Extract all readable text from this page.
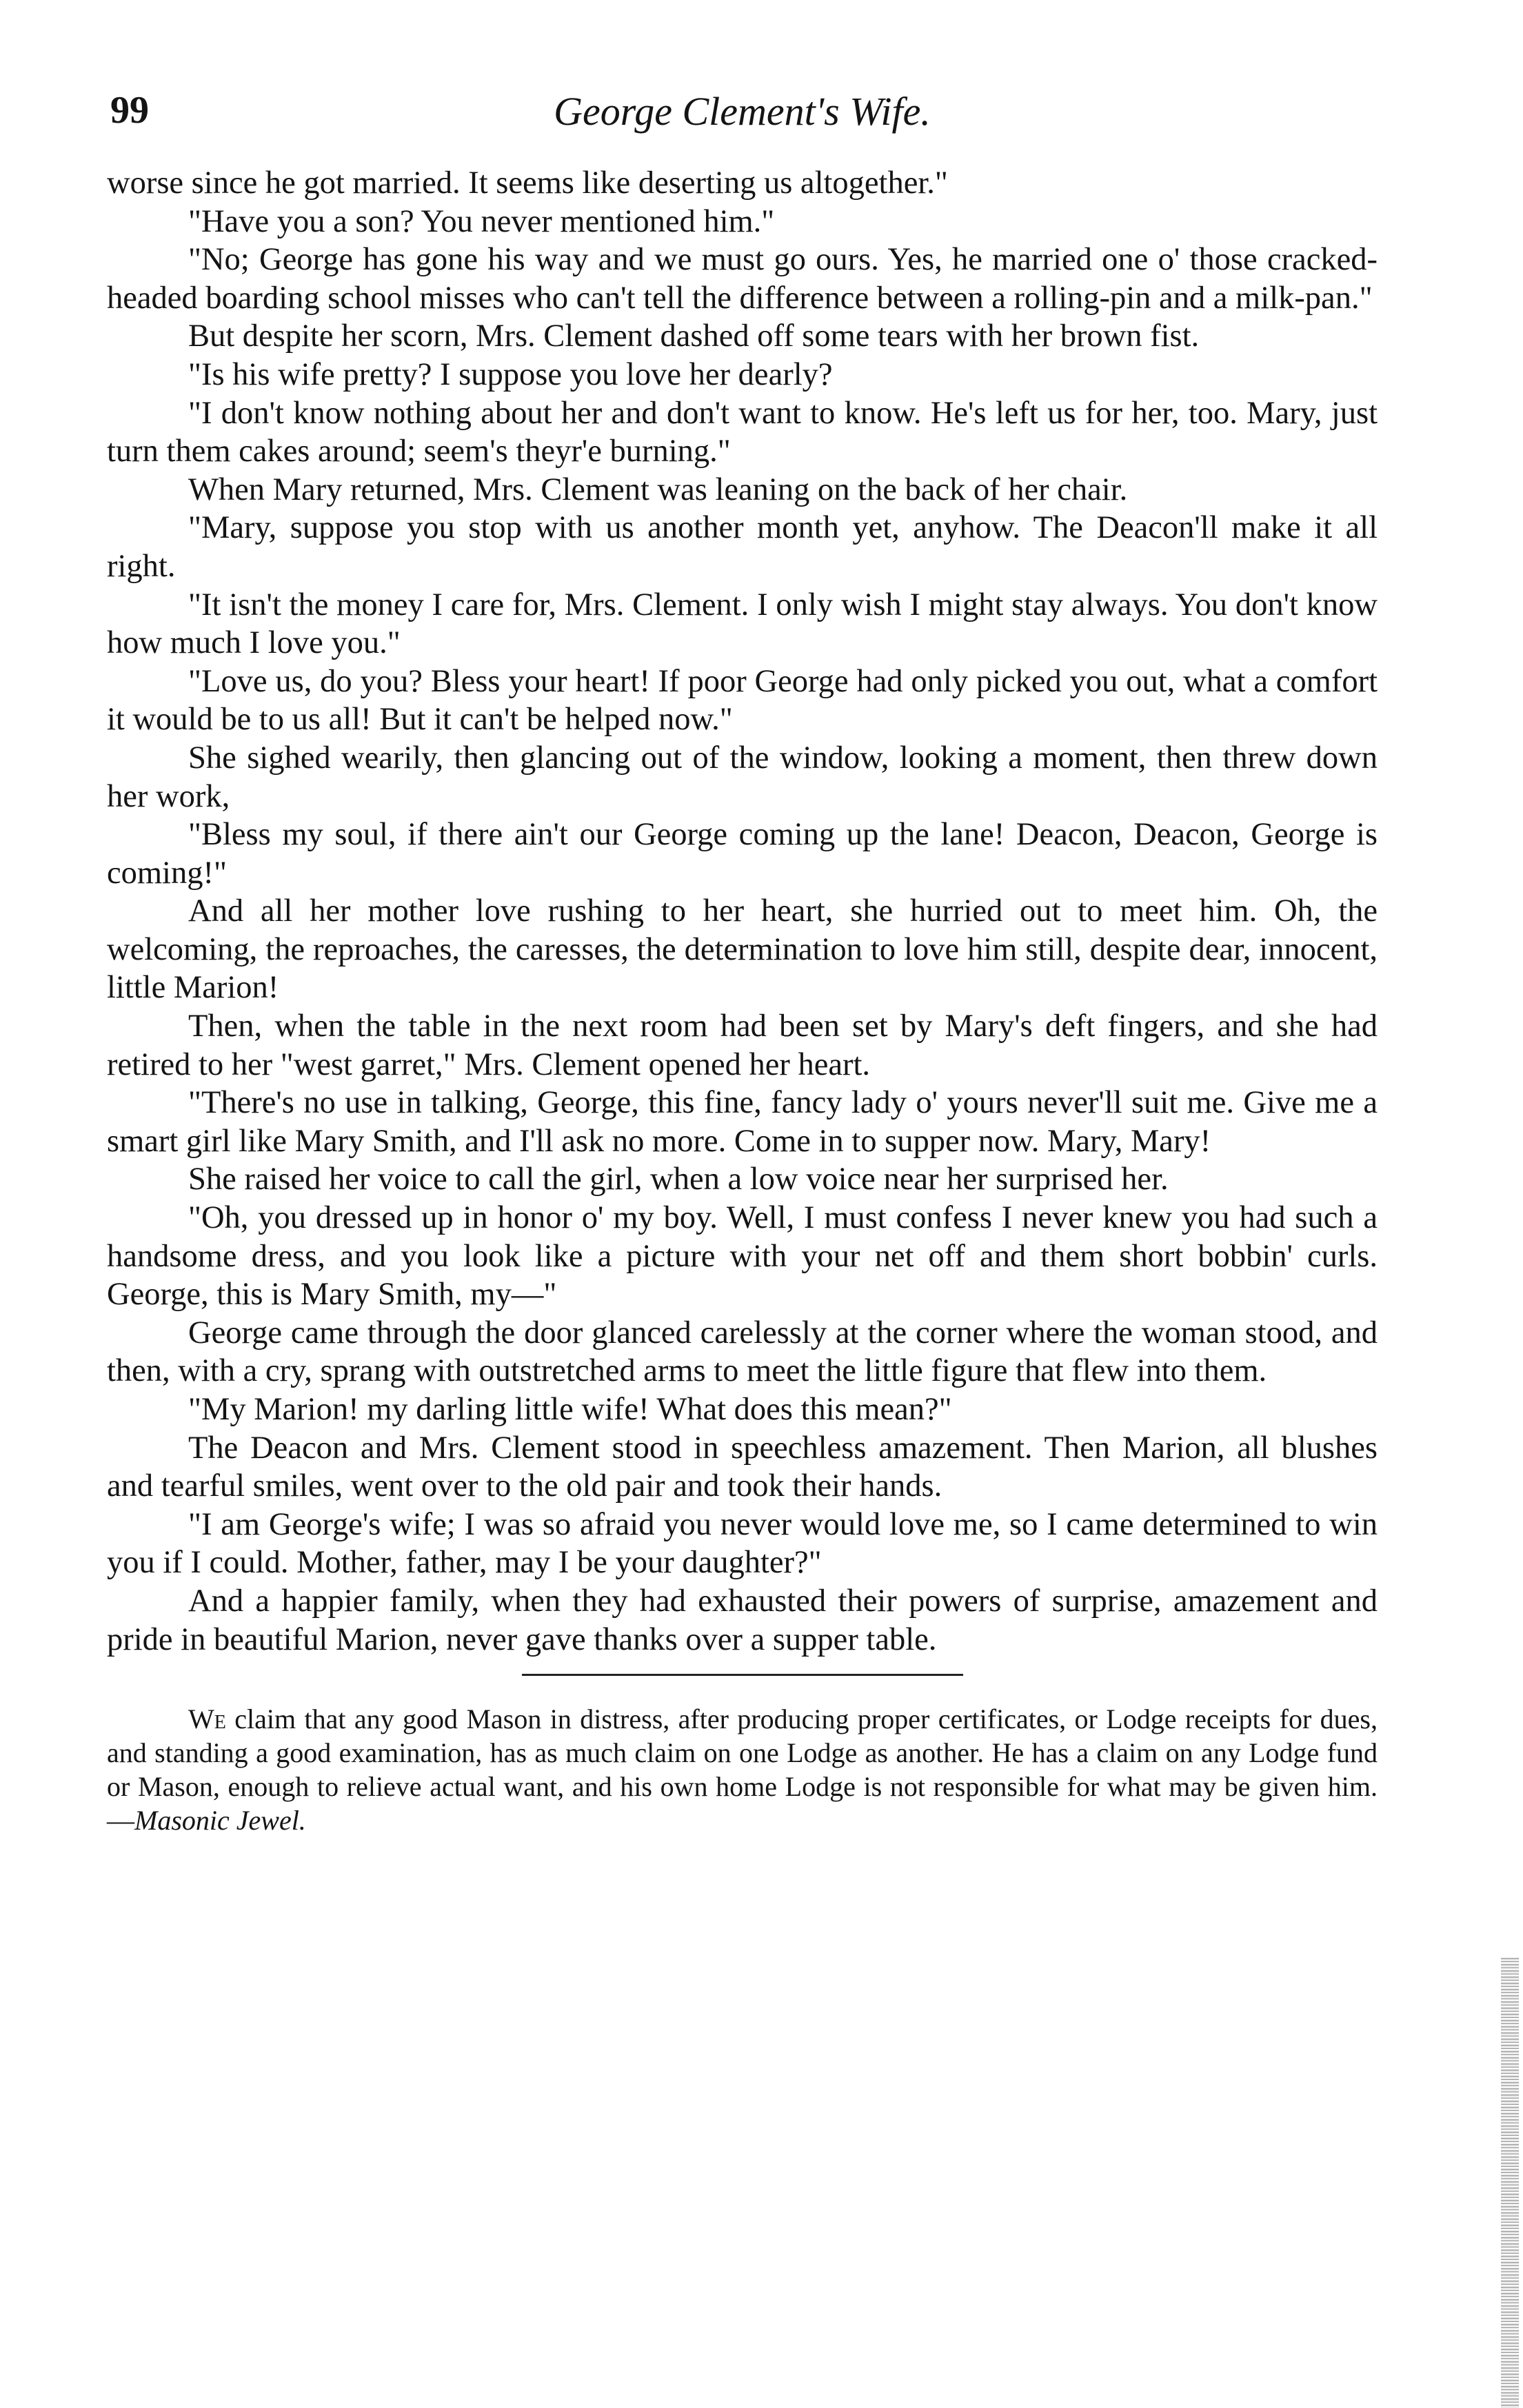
99	George Clement's Wife.

worse since he got married. It seems like deserting us altogether."

"Have you a son? You never mentioned him."

"No; George has gone his way and we must go ours. Yes, he married one o' those cracked-headed boarding school misses who can't tell the difference between a rolling-pin and a milk-pan."

But despite her scorn, Mrs. Clement dashed off some tears with her brown fist.

"Is his wife pretty? I suppose you love her dearly?

"I don't know nothing about her and don't want to know. He's left us for her, too. Mary, just turn them cakes around; seem's theyr'e burning."

When Mary returned, Mrs. Clement was leaning on the back of her chair.

"Mary, suppose you stop with us another month yet, anyhow. The Deacon'll make it all right.

"It isn't the money I care for, Mrs. Clement. I only wish I might stay always. You don't know how much I love you."

"Love us, do you? Bless your heart! If poor George had only picked you out, what a comfort it would be to us all! But it can't be helped now."

She sighed wearily, then glancing out of the window, looking a moment, then threw down her work,

"Bless my soul, if there ain't our George coming up the lane! Deacon, Deacon, George is coming!"

And all her mother love rushing to her heart, she hurried out to meet him. Oh, the welcoming, the reproaches, the caresses, the determination to love him still, despite dear, innocent, little Marion!

Then, when the table in the next room had been set by Mary's deft fingers, and she had retired to her "west garret," Mrs. Clement opened her heart.

"There's no use in talking, George, this fine, fancy lady o' yours never'll suit me. Give me a smart girl like Mary Smith, and I'll ask no more. Come in to supper now. Mary, Mary!

She raised her voice to call the girl, when a low voice near her surprised her.

"Oh, you dressed up in honor o' my boy. Well, I must confess I never knew you had such a handsome dress, and you look like a picture with your net off and them short bobbin' curls. George, this is Mary Smith, my—"

George came through the door glanced carelessly at the corner where the woman stood, and then, with a cry, sprang with outstretched arms to meet the little figure that flew into them.

"My Marion! my darling little wife! What does this mean?"

The Deacon and Mrs. Clement stood in speechless amazement. Then Marion, all blushes and tearful smiles, went over to the old pair and took their hands.

"I am George's wife; I was so afraid you never would love me, so I came determined to win you if I could. Mother, father, may I be your daughter?"

And a happier family, when they had exhausted their powers of surprise, amazement and pride in beautiful Marion, never gave thanks over a supper table.

We claim that any good Mason in distress, after producing proper certificates, or Lodge receipts for dues, and standing a good examination, has as much claim on one Lodge as another. He has a claim on any Lodge fund or Mason, enough to relieve actual want, and his own home Lodge is not responsible for what may be given him.—Masonic Jewel.
